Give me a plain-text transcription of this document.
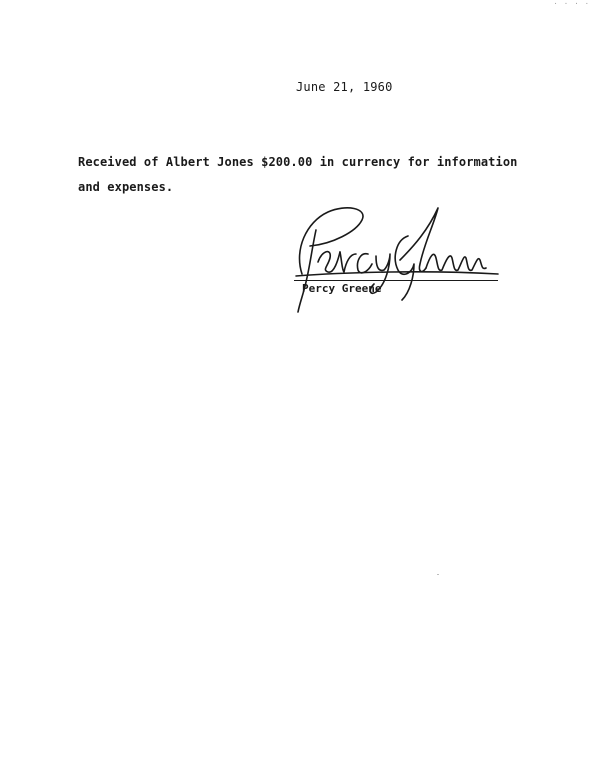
· · · ·
June 21, 1960
Received of Albert Jones $200.00 in currency for information
and expenses.
Percy Greene
